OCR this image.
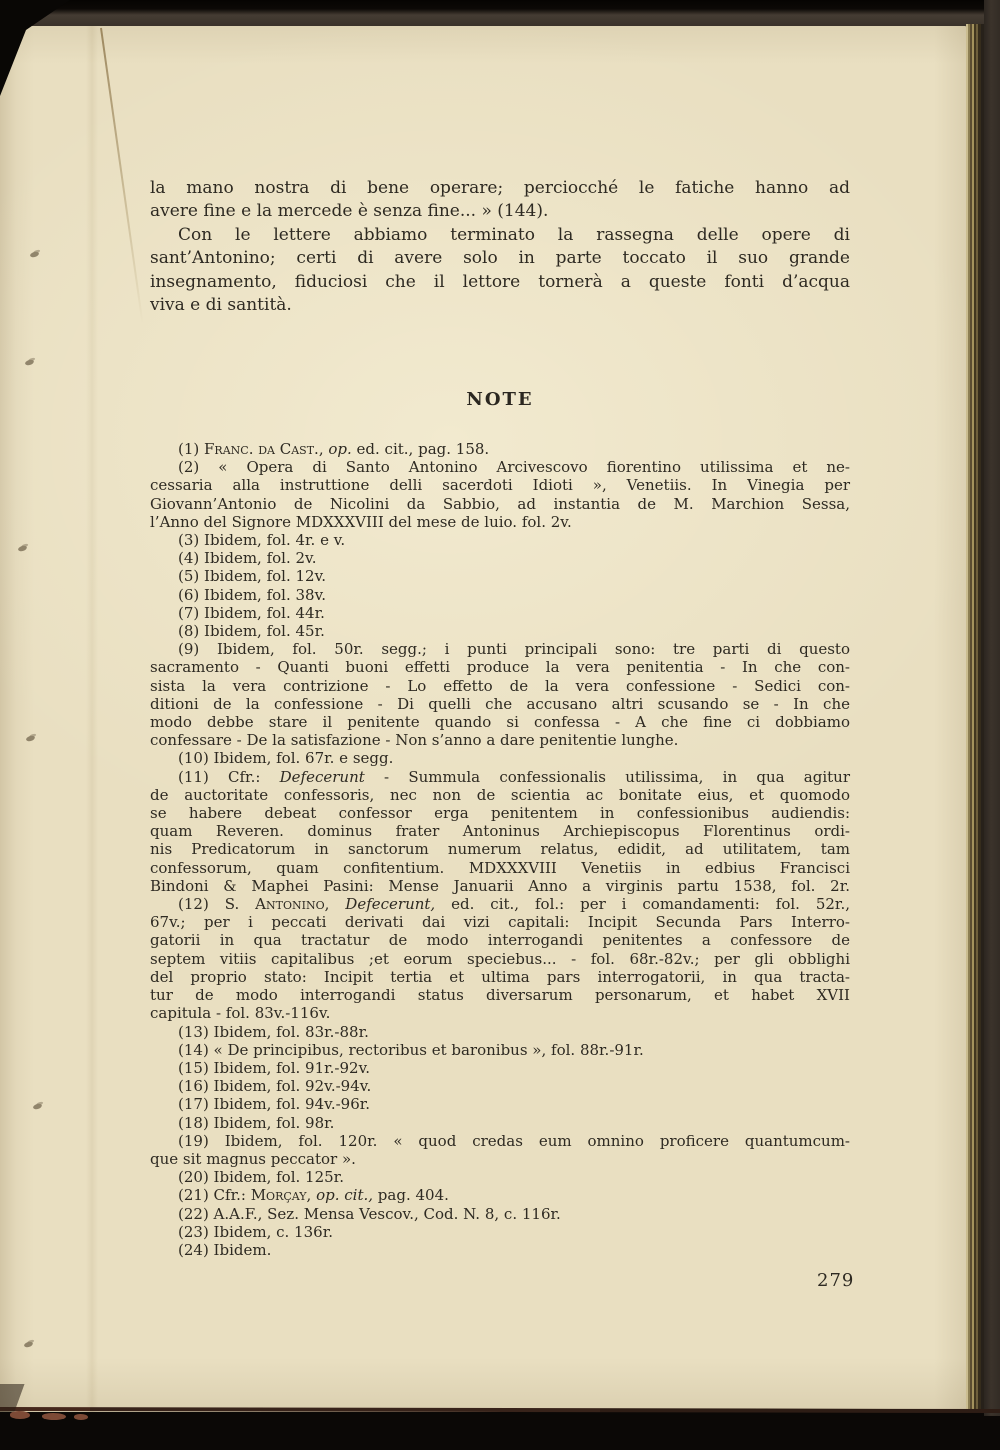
la mano nostra di bene operare; perciocché le fatiche hanno ad
avere fine e la mercede è senza fine... » (144).
Con le lettere abbiamo terminato la rassegna delle opere di
sant’Antonino; certi di avere solo in parte toccato il suo grande
insegnamento, fiduciosi che il lettore tornerà a queste fonti d’acqua
viva e di santità.
NOTE
(1) Franc. da Cast., op. ed. cit., pag. 158.
(2) « Opera di Santo Antonino Arcivescovo fiorentino utilissima et ne-
cessaria alla instruttione delli sacerdoti Idioti », Venetiis. In Vinegia per
Giovann’Antonio de Nicolini da Sabbio, ad instantia de M. Marchion Sessa,
l’Anno del Signore MDXXXVIII del mese de luio. fol. 2v.
(3) Ibidem, fol. 4r. e v.
(4) Ibidem, fol. 2v.
(5) Ibidem, fol. 12v.
(6) Ibidem, fol. 38v.
(7) Ibidem, fol. 44r.
(8) Ibidem, fol. 45r.
(9) Ibidem, fol. 50r. segg.; i punti principali sono: tre parti di questo
sacramento - Quanti buoni effetti produce la vera penitentia - In che con-
sista la vera contrizione - Lo effetto de la vera confessione - Sedici con-
ditioni de la confessione - Di quelli che accusano altri scusando se - In che
modo debbe stare il penitente quando si confessa - A che fine ci dobbiamo
confessare - De la satisfazione - Non s’anno a dare penitentie lunghe.
(10) Ibidem, fol. 67r. e segg.
(11) Cfr.: Defecerunt - Summula confessionalis utilissima, in qua agitur
de auctoritate confessoris, nec non de scientia ac bonitate eius, et quomodo
se habere debeat confessor erga penitentem in confessionibus audiendis:
quam Reveren. dominus frater Antoninus Archiepiscopus Florentinus ordi-
nis Predicatorum in sanctorum numerum relatus, edidit, ad utilitatem, tam
confessorum, quam confitentium. MDXXXVIII Venetiis in edbius Francisci
Bindoni & Maphei Pasini: Mense Januarii Anno a virginis partu 1538, fol. 2r.
(12) S. Antonino, Defecerunt, ed. cit., fol.: per i comandamenti: fol. 52r.,
67v.; per i peccati derivati dai vizi capitali: Incipit Secunda Pars Interro-
gatorii in qua tractatur de modo interrogandi penitentes a confessore de
septem vitiis capitalibus ;et eorum speciebus... - fol. 68r.-82v.; per gli obblighi
del proprio stato: Incipit tertia et ultima pars interrogatorii, in qua tracta-
tur de modo interrogandi status diversarum personarum, et habet XVII
capitula - fol. 83v.-116v.
(13) Ibidem, fol. 83r.-88r.
(14) « De principibus, rectoribus et baronibus », fol. 88r.-91r.
(15) Ibidem, fol. 91r.-92v.
(16) Ibidem, fol. 92v.-94v.
(17) Ibidem, fol. 94v.-96r.
(18) Ibidem, fol. 98r.
(19) Ibidem, fol. 120r. « quod credas eum omnino proficere quantumcum-
que sit magnus peccator ».
(20) Ibidem, fol. 125r.
(21) Cfr.: Morçay, op. cit., pag. 404.
(22) A.A.F., Sez. Mensa Vescov., Cod. N. 8, c. 116r.
(23) Ibidem, c. 136r.
(24) Ibidem.
279
